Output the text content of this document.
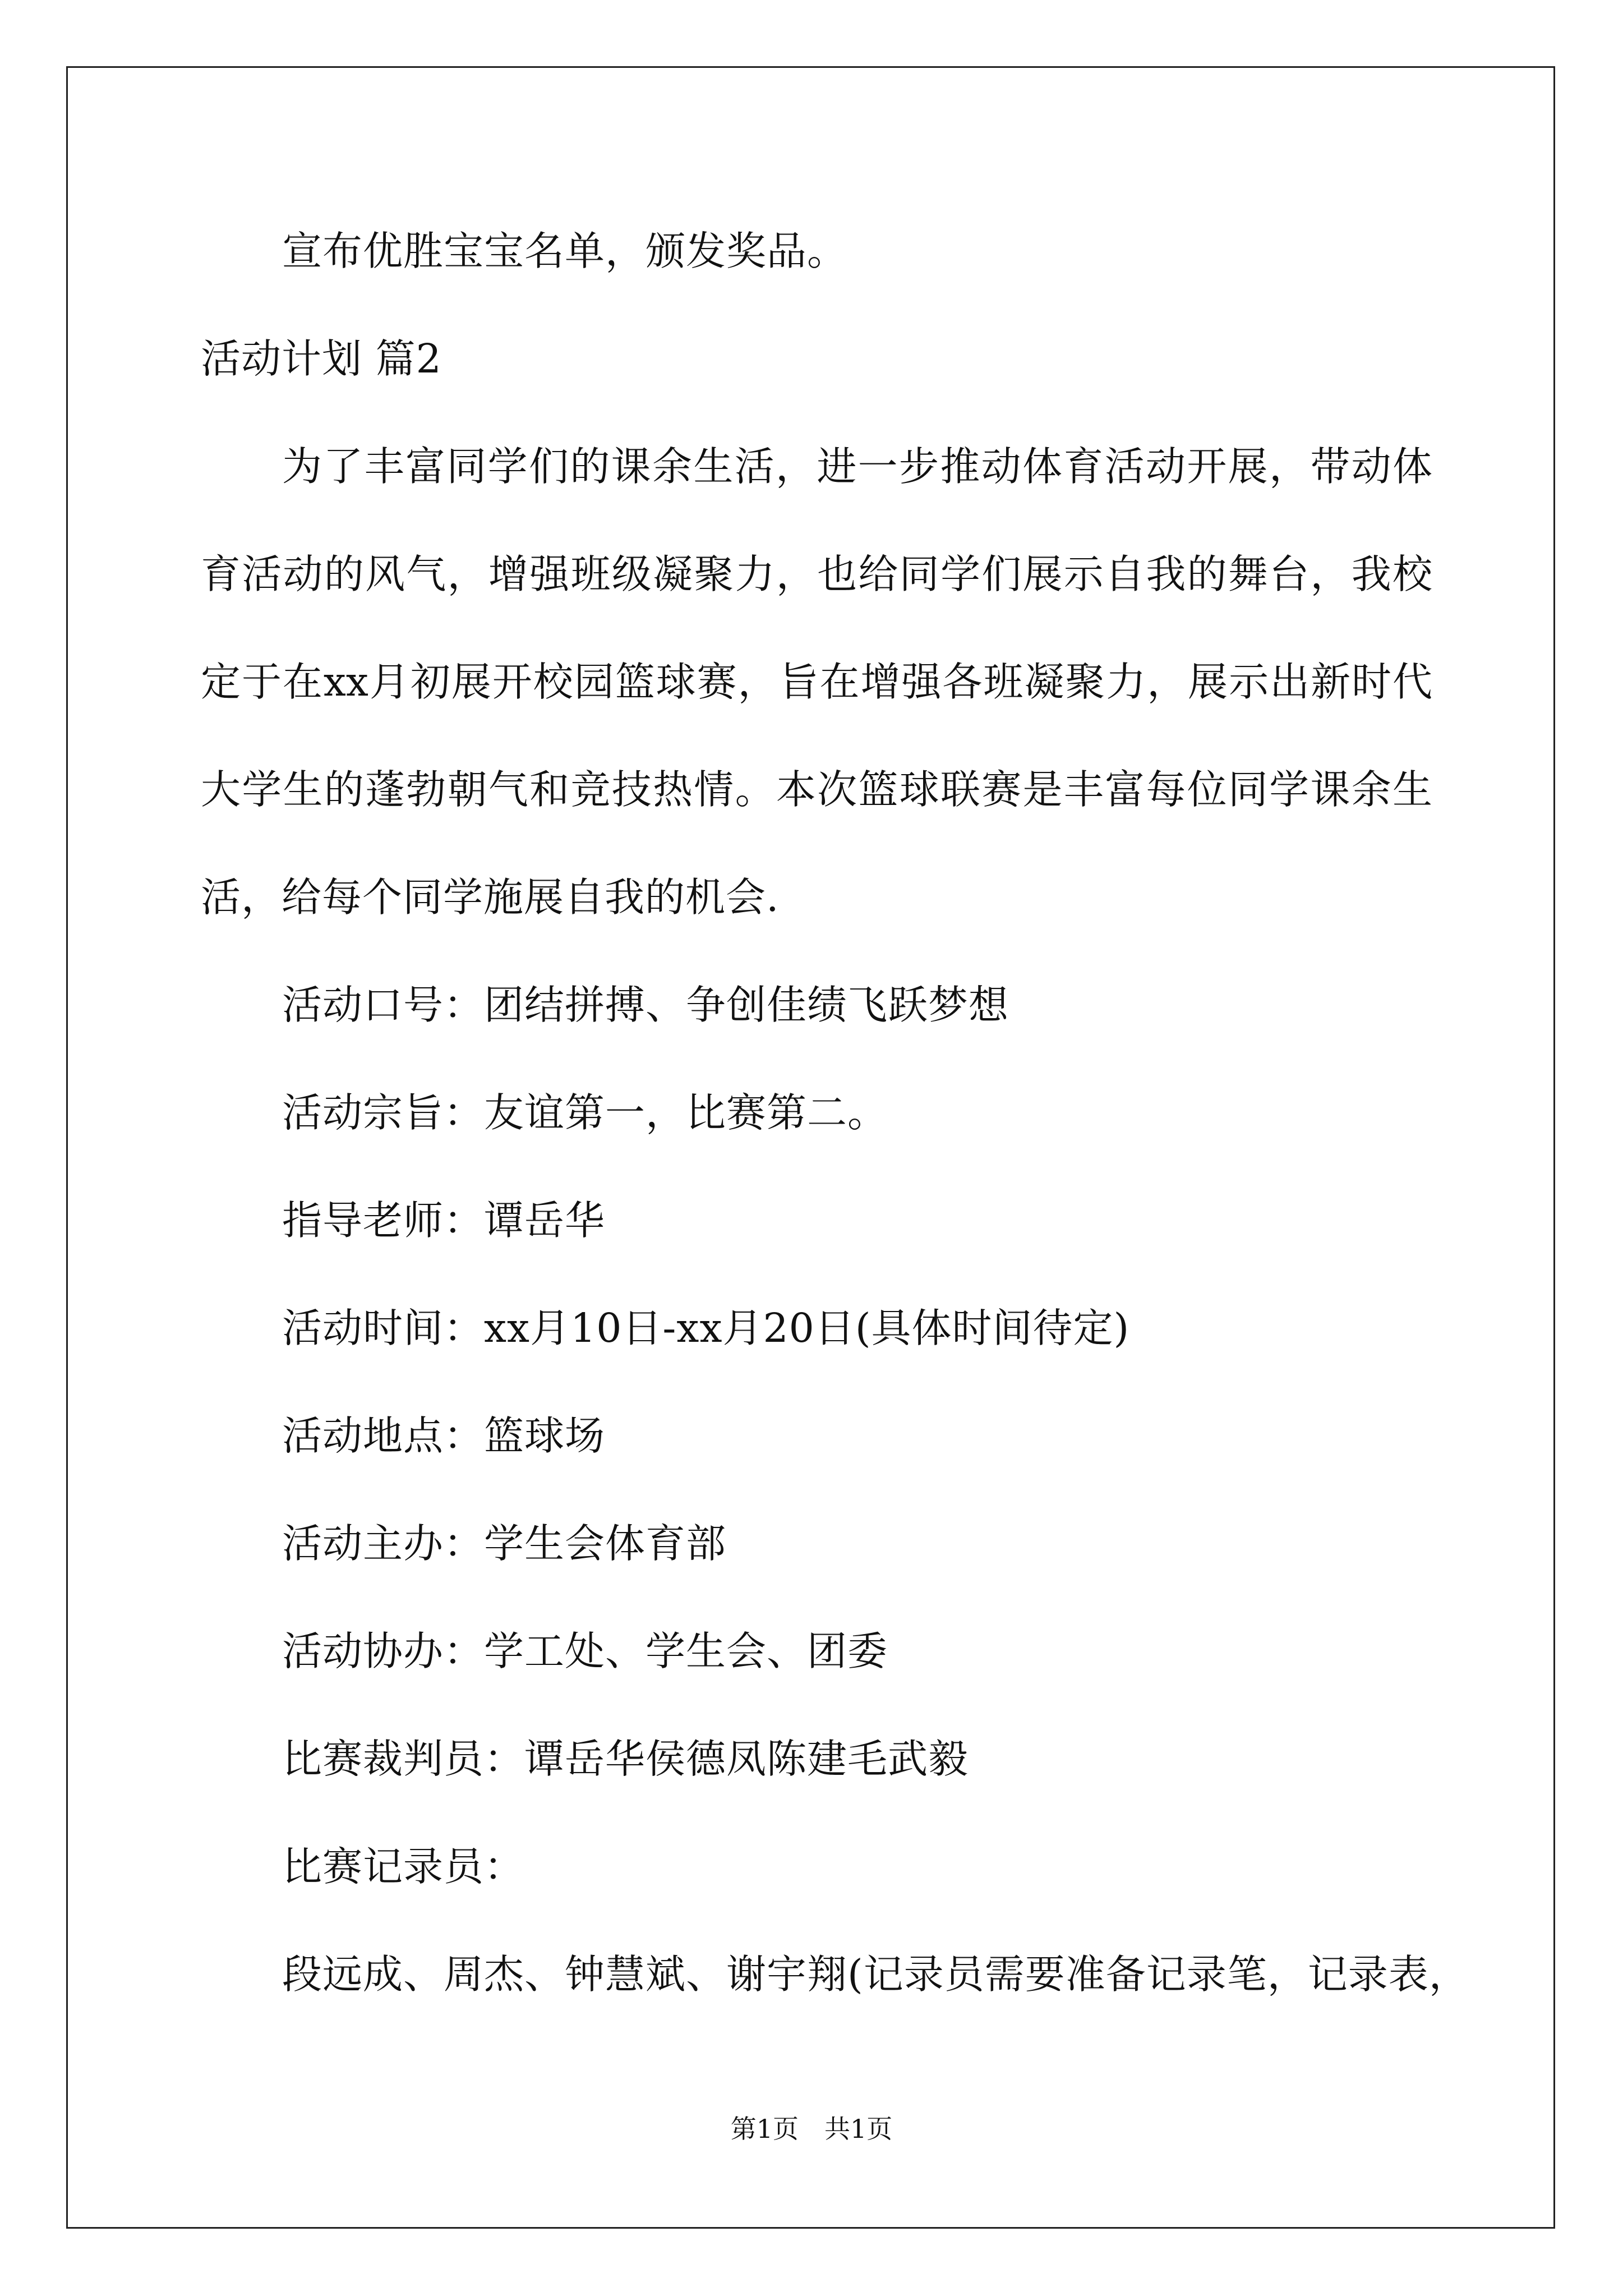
宣布优胜宝宝名单，颁发奖品。

活动计划 篇2

为了丰富同学们的课余生活，进一步推动体育活动开展，带动体

育活动的风气，增强班级凝聚力，也给同学们展示自我的舞台，我校

定于在xx月初展开校园篮球赛，旨在增强各班凝聚力，展示出新时代

大学生的蓬勃朝气和竞技热情。本次篮球联赛是丰富每位同学课余生

活，给每个同学施展自我的机会.

活动口号：团结拼搏、争创佳绩飞跃梦想

活动宗旨：友谊第一，比赛第二。

指导老师：谭岳华

活动时间：xx月10日-xx月20日(具体时间待定)

活动地点：篮球场

活动主办：学生会体育部

活动协办：学工处、学生会、团委

比赛裁判员：谭岳华侯德凤陈建毛武毅

比赛记录员：

段远成、周杰、钟慧斌、谢宇翔(记录员需要准备记录笔，记录表，

第1页　共1页
